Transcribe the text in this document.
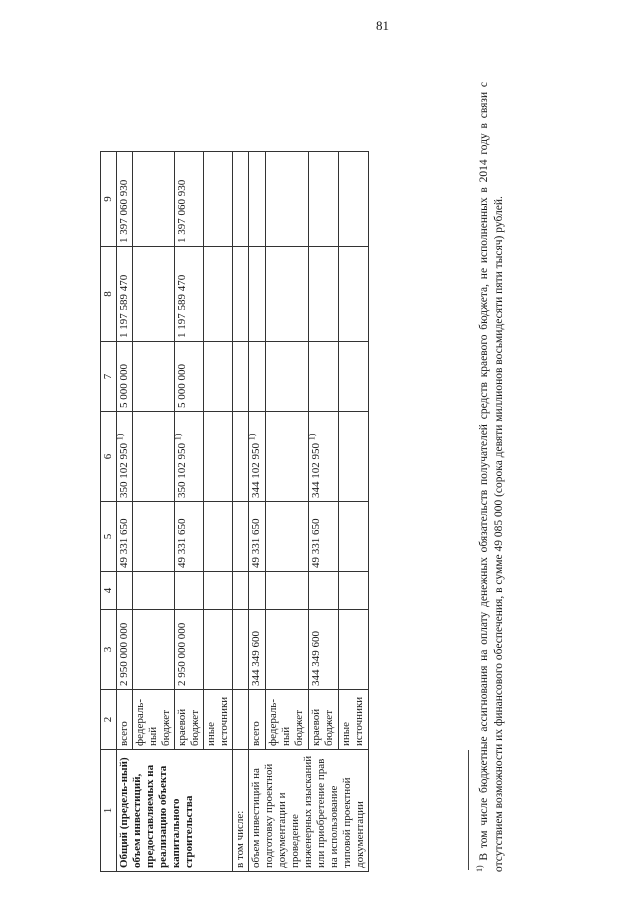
81
1	2	3	4	5	6	7	8	9
Общий (предель-ный) объем инвестиций, предоставляемых на реализацию объекта капитального строительства	всего	2 950 000 000		49 331 650	350 102 950 $^{1)}$	5 000 000	1 197 589 470	1 397 060 930
	федераль-ный бюджет							
	краевой бюджет	2 950 000 000		49 331 650	350 102 950 $^{1)}$	5 000 000	1 197 589 470	1 397 060 930
	иные источники							
в том числе:								
объем инвестиций на подготовку проектной документации и проведение инженерных изысканий или приобретение прав на использование типовой проектной документации	всего	344 349 600		49 331 650	344 102 950 $^{1)}$			
	федераль-ный бюджет							
	краевой бюджет	344 349 600		49 331 650	344 102 950 $^{1)}$			
	иные источники							
$^{1)}$ В том числе бюджетные ассигнования на оплату денежных обязательств получателей средств краевого бюджета, не исполненных в 2014 году в связи с отсутствием возможности их финансового обеспечения, в сумме 49 085 000 (сорока девяти миллионов восьмидесяти пяти тысяч) рублей.
